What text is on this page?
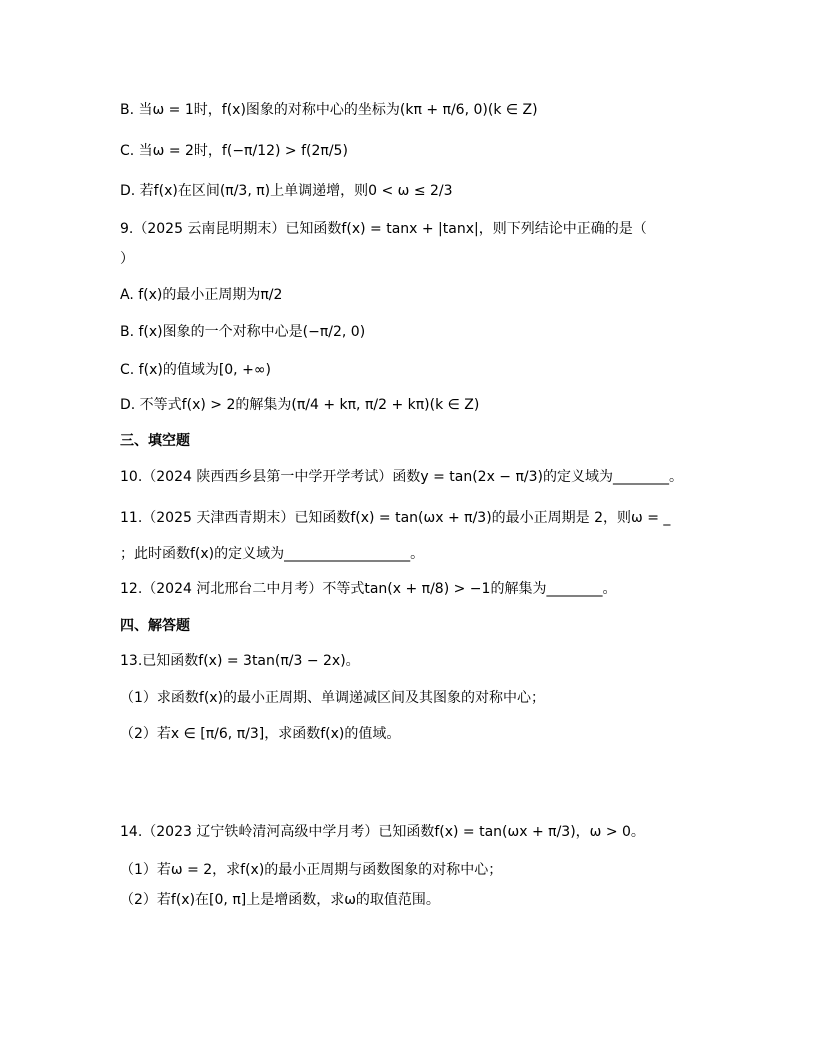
B. 当ω = 1时，f(x)图象的对称中心的坐标为(kπ + π/6, 0)(k ∈ Z)
C. 当ω = 2时，f(−π/12) > f(2π/5)
D. 若f(x)在区间(π/3, π)上单调递增，则0 < ω ≤ 2/3
9.（2025 云南昆明期末）已知函数f(x) = tanx + |tanx|，则下列结论中正确的是（
）
A. f(x)的最小正周期为π/2
B. f(x)图象的一个对称中心是(−π/2, 0)
C. f(x)的值域为[0, +∞)
D. 不等式f(x) > 2的解集为(π/4 + kπ, π/2 + kπ)(k ∈ Z)
三、填空题
10.（2024 陕西西乡县第一中学开学考试）函数y = tan(2x − π/3)的定义域为________。
11.（2025 天津西青期末）已知函数f(x) = tan(ωx + π/3)的最小正周期是 2，则ω = _
；此时函数f(x)的定义域为__________________。
12.（2024 河北邢台二中月考）不等式tan(x + π/8) > −1的解集为________。
四、解答题
13.已知函数f(x) = 3tan(π/3 − 2x)。
（1）求函数f(x)的最小正周期、单调递减区间及其图象的对称中心；
（2）若x ∈ [π/6, π/3]，求函数f(x)的值域。
14.（2023 辽宁铁岭清河高级中学月考）已知函数f(x) = tan(ωx + π/3)，ω > 0。
（1）若ω = 2，求f(x)的最小正周期与函数图象的对称中心；
（2）若f(x)在[0, π]上是增函数，求ω的取值范围。
